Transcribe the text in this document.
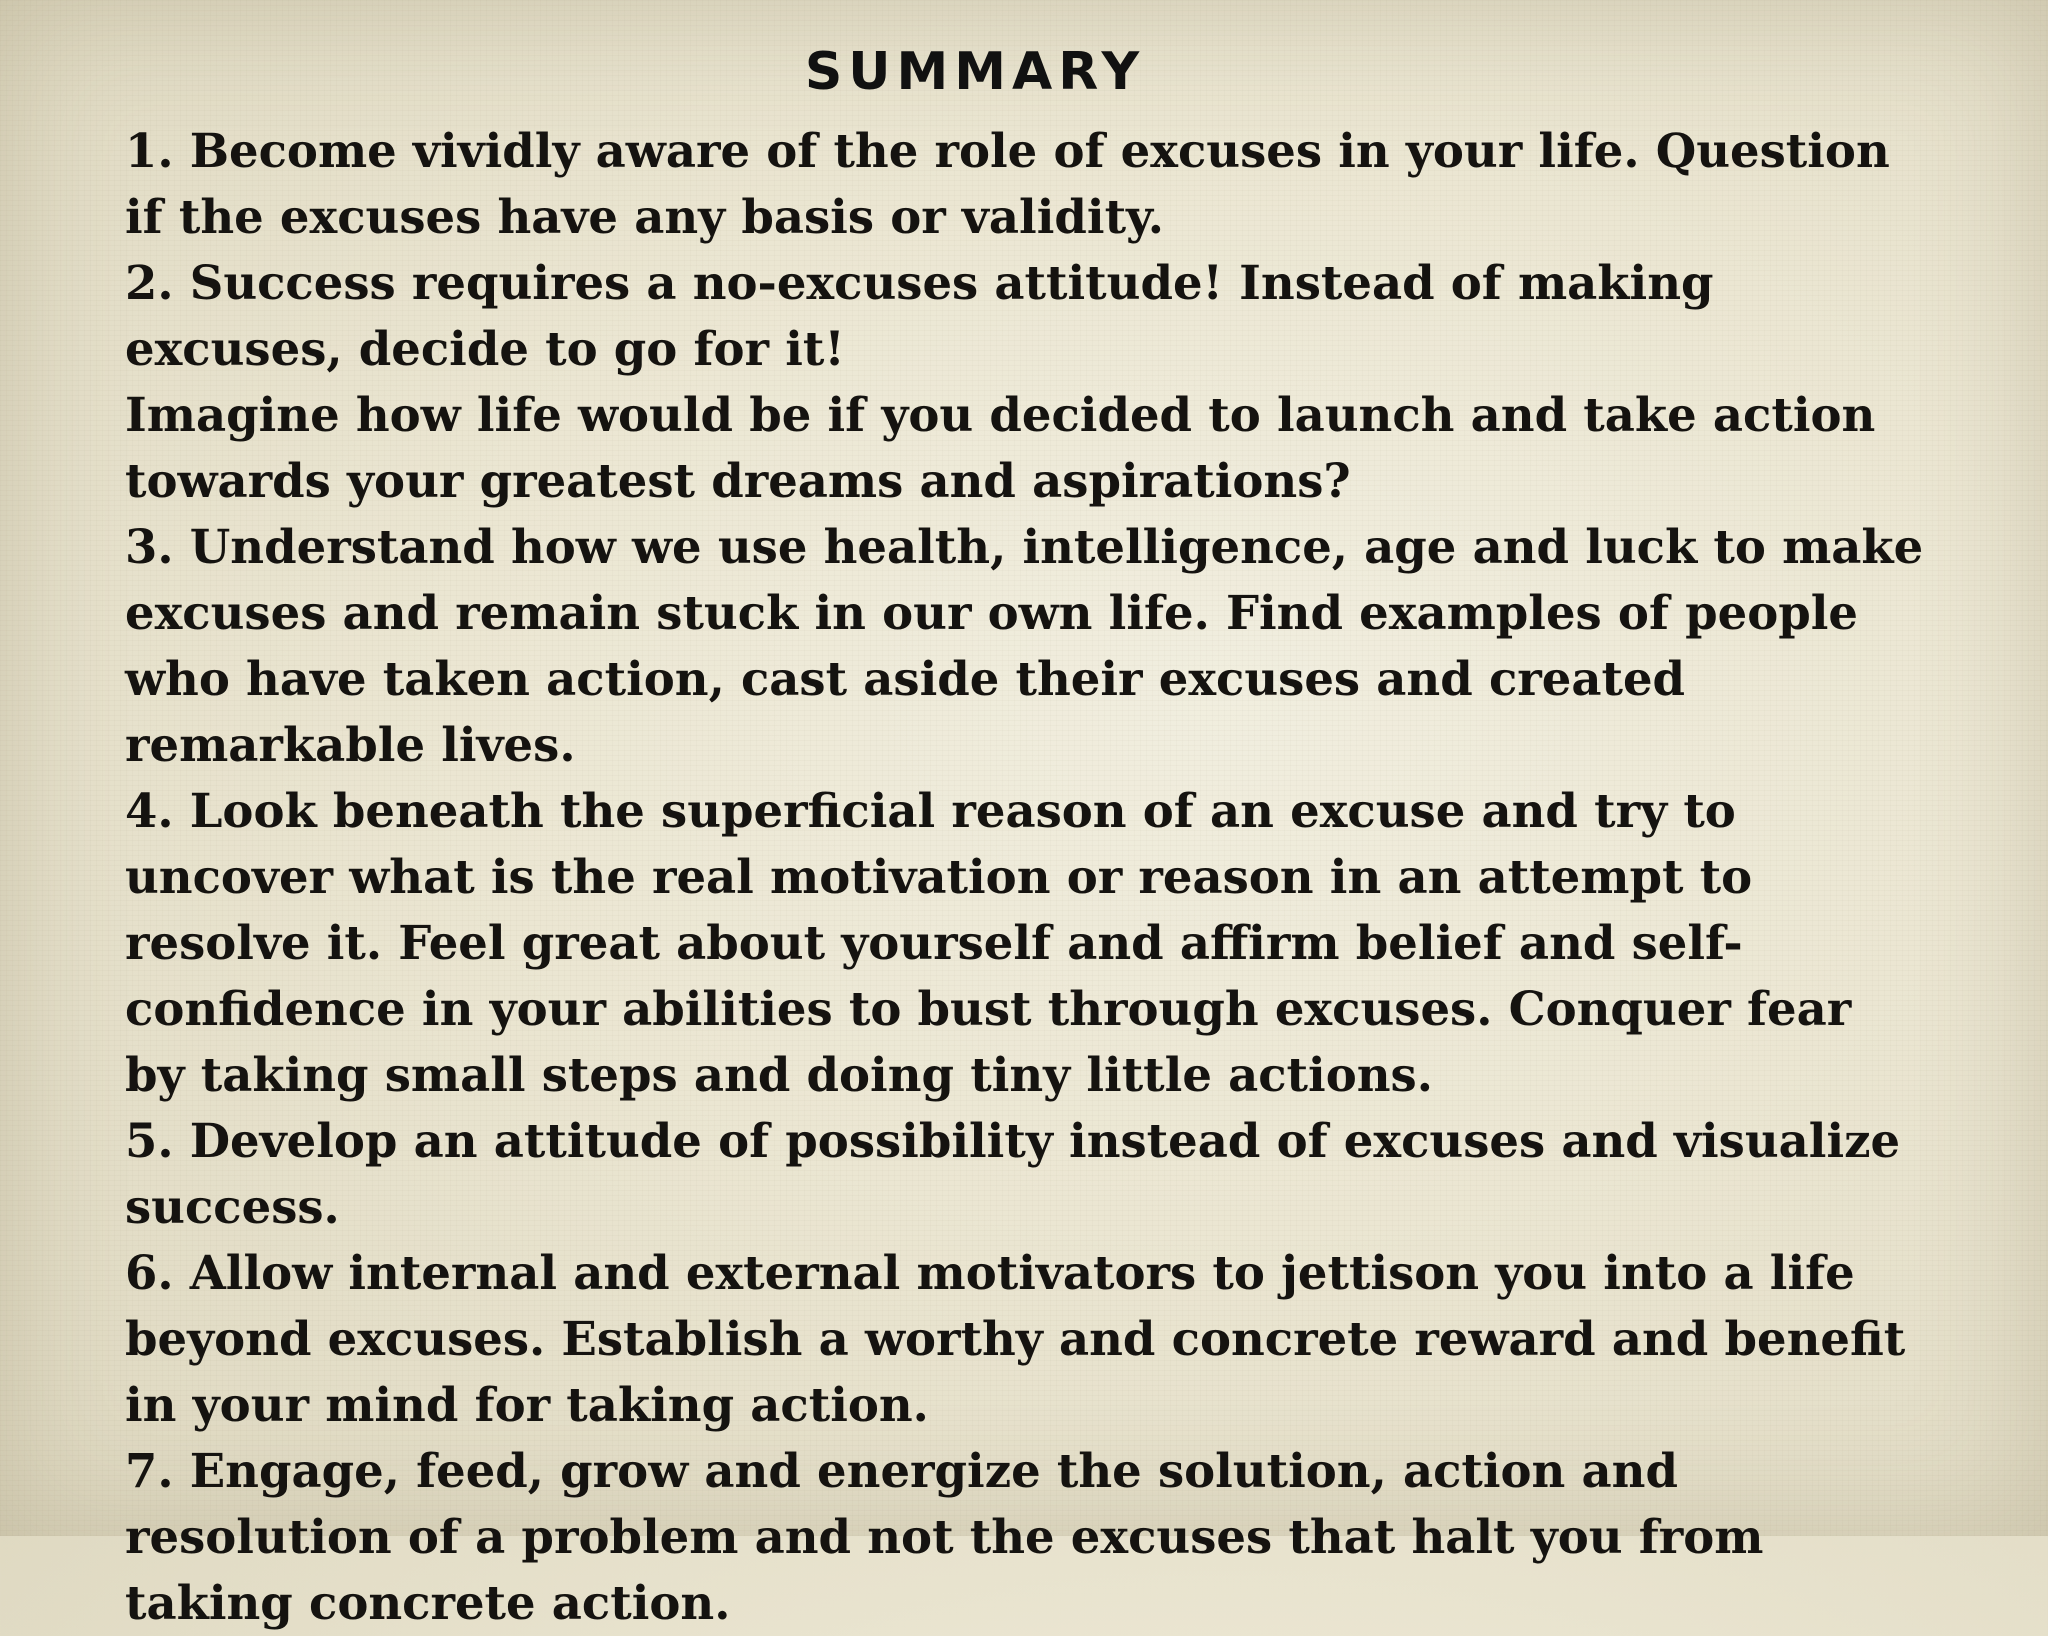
SUMMARY
1. Become vividly aware of the role of excuses in your life. Question if the excuses have any basis or validity.
2. Success requires a no-excuses attitude! Instead of making excuses, decide to go for it!
Imagine how life would be if you decided to launch and take action towards your greatest dreams and aspirations?
3. Understand how we use health, intelligence, age and luck to make excuses and remain stuck in our own life. Find examples of people who have taken action, cast aside their excuses and created remarkable lives.
4. Look beneath the superficial reason of an excuse and try to uncover what is the real motivation or reason in an attempt to resolve it. Feel great about yourself and affirm belief and self-confidence in your abilities to bust through excuses. Conquer fear by taking small steps and doing tiny little actions.
5. Develop an attitude of possibility instead of excuses and visualize success.
6. Allow internal and external motivators to jettison you into a life beyond excuses. Establish a worthy and concrete reward and benefit in your mind for taking action.
7. Engage, feed, grow and energize the solution, action and resolution of a problem and not the excuses that halt you from taking concrete action.
